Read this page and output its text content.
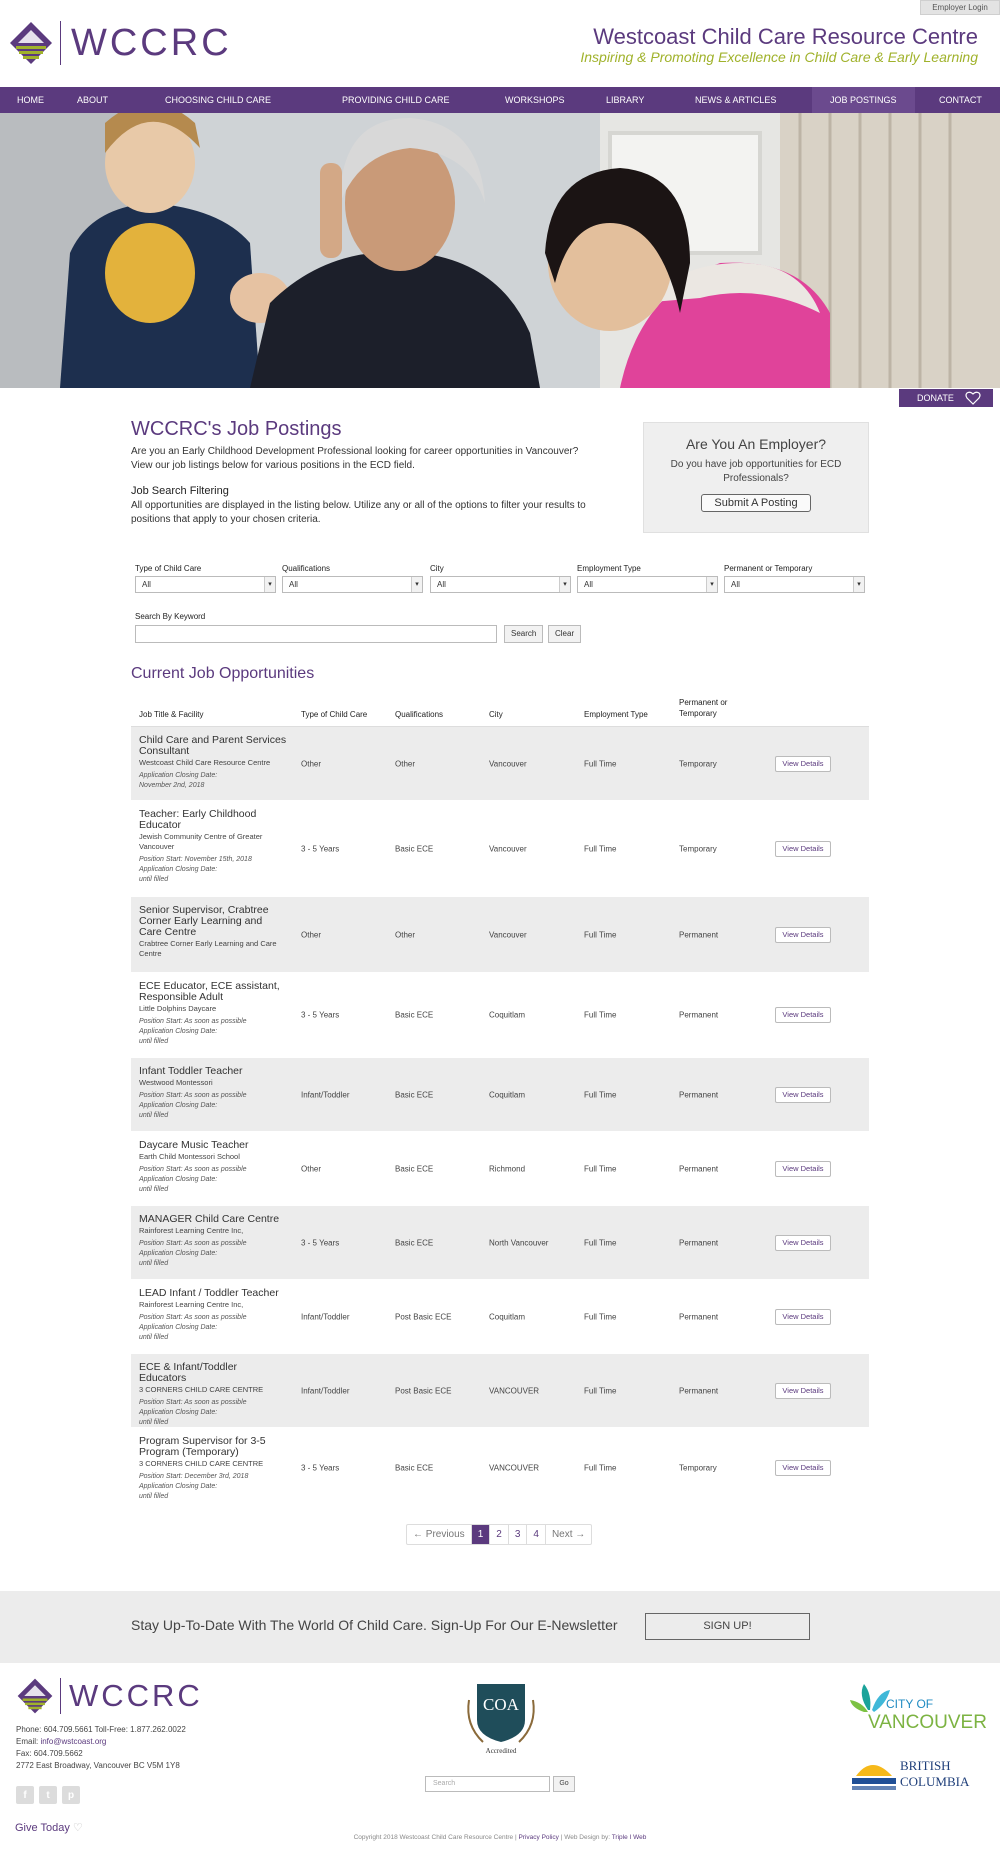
Employer Login
WCCRC	Westcoast Child Care Resource Centre
Inspiring & Promoting Excellence in Child Care & Early Learning
HOME	ABOUT	CHOOSING CHILD CARE	PROVIDING CHILD CARE	WORKSHOPS	LIBRARY	NEWS & ARTICLES	JOB POSTINGS	CONTACT
DONATE
WCCRC's Job Postings

Are you an Early Childhood Development Professional looking for career opportunities in Vancouver? View our job listings below for various positions in the ECD field.

Job Search Filtering

All opportunities are displayed in the listing below. Utilize any or all of the options to filter your results to positions that apply to your chosen criteria.

Are You An Employer?
Do you have job opportunities for ECD Professionals?
Submit A Posting
Type of Child Care
All	▾
Qualifications
All	▾
City
All	▾
Employment Type
All	▾
Permanent or Temporary
All	▾
Search By Keyword
Search	Clear
Current Job Opportunities
Job Title & Facility	Type of Child Care	Qualifications	City	Employment Type
Permanent or Temporary
Child Care and Parent Services Consultant
Westcoast Child Care Resource Centre
Application Closing Date:
November 2nd, 2018
Other	Other	Vancouver	Full Time	Temporary	View Details
Teacher: Early Childhood Educator
Jewish Community Centre of Greater Vancouver
Position Start: November 15th, 2018
Application Closing Date:
until filled
3 - 5 Years	Basic ECE	Vancouver	Full Time	Temporary	View Details
Senior Supervisor, Crabtree Corner Early Learning and Care Centre
Crabtree Corner Early Learning and Care Centre
Other	Other	Vancouver	Full Time	Permanent	View Details
ECE Educator, ECE assistant, Responsible Adult
Little Dolphins Daycare
Position Start: As soon as possible
Application Closing Date:
until filled
3 - 5 Years	Basic ECE	Coquitlam	Full Time	Permanent	View Details
Infant Toddler Teacher
Westwood Montessori
Position Start: As soon as possible
Application Closing Date:
until filled
Infant/Toddler	Basic ECE	Coquitlam	Full Time	Permanent	View Details
Daycare Music Teacher
Earth Child Montessori School
Position Start: As soon as possible
Application Closing Date:
until filled
Other	Basic ECE	Richmond	Full Time	Permanent	View Details
MANAGER Child Care Centre
Rainforest Learning Centre Inc,
Position Start: As soon as possible
Application Closing Date:
until filled
3 - 5 Years	Basic ECE	North Vancouver	Full Time	Permanent	View Details
LEAD Infant / Toddler Teacher
Rainforest Learning Centre Inc,
Position Start: As soon as possible
Application Closing Date:
until filled
Infant/Toddler	Post Basic ECE	Coquitlam	Full Time	Permanent	View Details
ECE & Infant/Toddler Educators
3 CORNERS CHILD CARE CENTRE
Position Start: As soon as possible
Application Closing Date:
until filled
Infant/Toddler	Post Basic ECE	VANCOUVER	Full Time	Permanent	View Details
Program Supervisor for 3-5 Program (Temporary)
3 CORNERS CHILD CARE CENTRE
Position Start: December 3rd, 2018
Application Closing Date:
until filled
3 - 5 Years	Basic ECE	VANCOUVER	Full Time	Temporary	View Details
← Previous	1	2	3	4	Next →
Stay Up-To-Date With The World Of Child Care. Sign-Up For Our E-Newsletter	SIGN UP!
WCCRC
Phone: 604.709.5661 Toll-Free: 1.877.262.0022
Email: info@wstcoast.org
Fax: 604.709.5662
2772 East Broadway, Vancouver BC V5M 1Y8
f	t	p
Give Today ♡
COA
Accredited
Search	Go
CITY OF
VANCOUVER
BRITISH
COLUMBIA
Copyright 2018 Westcoast Child Care Resource Centre | Privacy Policy | Web Design by: Triple I Web
